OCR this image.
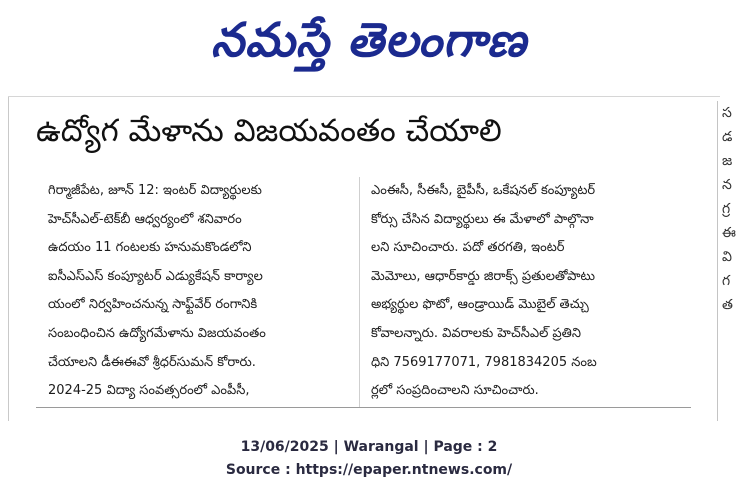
నమస్తే తెలంగాణ
ఉద్యోగ మేళాను విజయవంతం చేయాలి

గిర్మాజీపేట, జూన్ 12: ఇంటర్ విద్యార్థులకు

హెచ్‌సీఎల్-టెక్‌బీ ఆధ్వర్యంలో శనివారం

ఉదయం 11 గంటలకు హనుమకొండలోని

ఐసీఎస్ఎస్ కంప్యూటర్ ఎడ్యుకేషన్ కార్యాల

యంలో నిర్వహించనున్న సాఫ్ట్‌వేర్ రంగానికి

సంబంధించిన ఉద్యోగమేళాను విజయవంతం

చేయాలని డీఈఈవో శ్రీధర్‌సుమన్ కోరారు.

2024-25 విద్యా సంవత్సరంలో ఎంపీసీ,

ఎంఈసీ, సీఈసీ, బైపీసీ, ఒకేషనల్ కంప్యూటర్

కోర్సు చేసిన విద్యార్థులు ఈ మేళాలో పాల్గొనా

లని సూచించారు. పదో తరగతి, ఇంటర్

మెమోలు, ఆధార్‌కార్డు జిరాక్స్ ప్రతులతోపాటు

అభ్యర్థుల ఫొటో, ఆండ్రాయిడ్ మొబైల్ తెచ్చు

కోవాలన్నారు. వివరాలకు హెచ్‌సీఎల్ ప్రతిని

ధిని 7569177071, 7981834205 నంబ

ర్లలో సంప్రదించాలని సూచించారు.

స
డ
జ
న
గ్ర
ఈ
వి
గ
త
13/06/2025 | Warangal | Page : 2
Source : https://epaper.ntnews.com/
